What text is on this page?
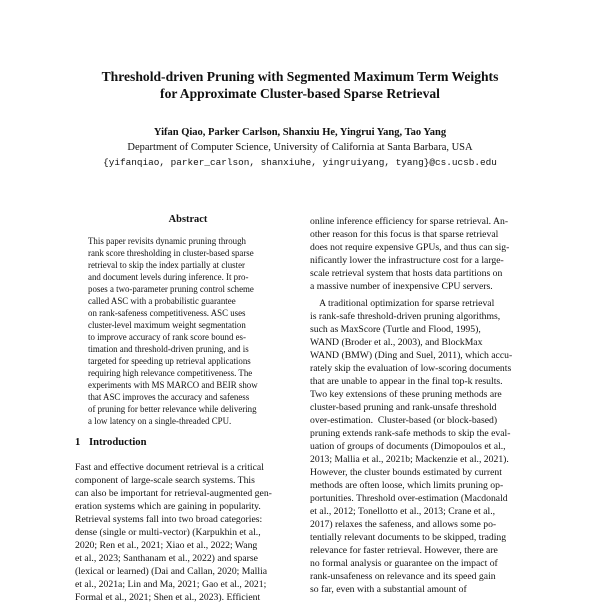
Threshold-driven Pruning with Segmented Maximum Term Weights
for Approximate Cluster-based Sparse Retrieval
Yifan Qiao, Parker Carlson, Shanxiu He, Yingrui Yang, Tao Yang
Department of Computer Science, University of California at Santa Barbara, USA
{yifanqiao, parker_carlson, shanxiuhe, yingruiyang, tyang}@cs.ucsb.edu
Abstract
This paper revisits dynamic pruning through
rank score thresholding in cluster-based sparse
retrieval to skip the index partially at cluster
and document levels during inference. It pro-
poses a two-parameter pruning control scheme
called ASC with a probabilistic guarantee
on rank-safeness competitiveness. ASC uses
cluster-level maximum weight segmentation
to improve accuracy of rank score bound es-
timation and threshold-driven pruning, and is
targeted for speeding up retrieval applications
requiring high relevance competitiveness. The
experiments with MS MARCO and BEIR show
that ASC improves the accuracy and safeness
of pruning for better relevance while delivering
a low latency on a single-threaded CPU.
1 Introduction
Fast and effective document retrieval is a critical
component of large-scale search systems. This
can also be important for retrieval-augmented gen-
eration systems which are gaining in popularity.
Retrieval systems fall into two broad categories:
dense (single or multi-vector) (Karpukhin et al.,
2020; Ren et al., 2021; Xiao et al., 2022; Wang
et al., 2023; Santhanam et al., 2022) and sparse
(lexical or learned) (Dai and Callan, 2020; Mallia
et al., 2021a; Lin and Ma, 2021; Gao et al., 2021;
Formal et al., 2021; Shen et al., 2023). Efficient
online inference efficiency for sparse retrieval. An-
other reason for this focus is that sparse retrieval
does not require expensive GPUs, and thus can sig-
nificantly lower the infrastructure cost for a large-
scale retrieval system that hosts data partitions on
a massive number of inexpensive CPU servers.
A traditional optimization for sparse retrieval
is rank-safe threshold-driven pruning algorithms,
such as MaxScore (Turtle and Flood, 1995),
WAND (Broder et al., 2003), and BlockMax
WAND (BMW) (Ding and Suel, 2011), which accu-
rately skip the evaluation of low-scoring documents
that are unable to appear in the final top-k results.
Two key extensions of these pruning methods are
cluster-based pruning and rank-unsafe threshold
over-estimation.  Cluster-based (or block-based)
pruning extends rank-safe methods to skip the eval-
uation of groups of documents (Dimopoulos et al.,
2013; Mallia et al., 2021b; Mackenzie et al., 2021).
However, the cluster bounds estimated by current
methods are often loose, which limits pruning op-
portunities. Threshold over-estimation (Macdonald
et al., 2012; Tonellotto et al., 2013; Crane et al.,
2017) relaxes the safeness, and allows some po-
tentially relevant documents to be skipped, trading
relevance for faster retrieval. However, there are
no formal analysis or guarantee on the impact of
rank-unsafeness on relevance and its speed gain
so far, even with a substantial amount of
